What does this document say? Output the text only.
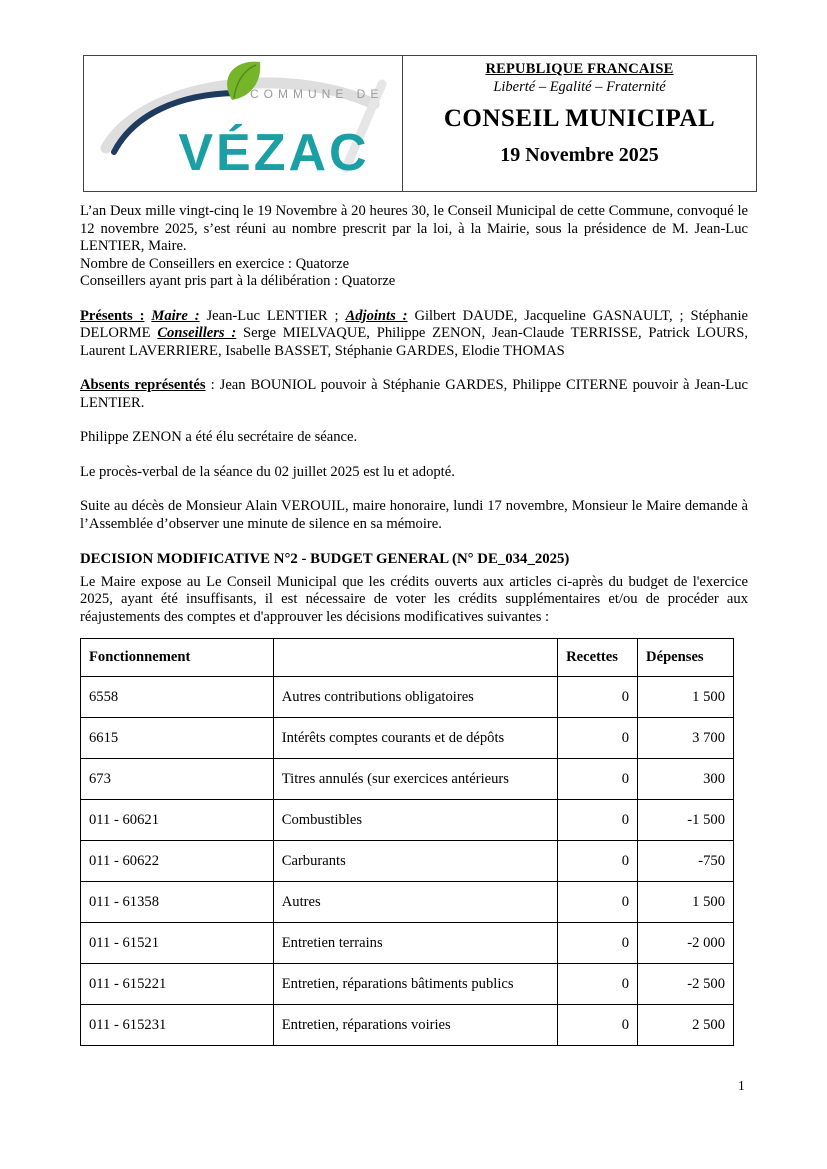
COMMUNE DE
VÉZAC
REPUBLIQUE FRANCAISE
Liberté – Egalité – Fraternité
CONSEIL MUNICIPAL
19 Novembre 2025

L’an Deux mille vingt-cinq le 19 Novembre à 20 heures 30, le Conseil Municipal de cette Commune, convoqué le 12 novembre 2025, s’est réuni au nombre prescrit par la loi, à la Mairie, sous la présidence de M. Jean-Luc LENTIER, Maire.

Nombre de Conseillers en exercice : Quatorze
Conseillers ayant pris part à la délibération : Quatorze

Présents : Maire : Jean-Luc LENTIER ; Adjoints : Gilbert DAUDE, Jacqueline GASNAULT, ; Stéphanie DELORME Conseillers : Serge MIELVAQUE, Philippe ZENON, Jean-Claude TERRISSE, Patrick LOURS, Laurent LAVERRIERE, Isabelle BASSET, Stéphanie GARDES, Elodie THOMAS

Absents représentés : Jean BOUNIOL pouvoir à Stéphanie GARDES, Philippe CITERNE pouvoir à Jean-Luc LENTIER.

Philippe ZENON a été élu secrétaire de séance.

Le procès-verbal de la séance du 02 juillet 2025 est lu et adopté.

Suite au décès de Monsieur Alain VEROUIL, maire honoraire, lundi 17 novembre, Monsieur le Maire demande à l’Assemblée d’observer une minute de silence en sa mémoire.

DECISION MODIFICATIVE N°2 - BUDGET GENERAL (N° DE_034_2025)

Le Maire expose au Le Conseil Municipal que les crédits ouverts aux articles ci-après du budget de l'exercice 2025, ayant été insuffisants, il est nécessaire de voter les crédits supplémentaires et/ou de procéder aux réajustements des comptes et d'approuver les décisions modificatives suivantes :

Fonctionnement		Recettes	Dépenses
6558	Autres contributions obligatoires	0	1 500
6615	Intérêts comptes courants et de dépôts	0	3 700
673	Titres annulés (sur exercices antérieurs	0	300
011 - 60621	Combustibles	0	-1 500
011 - 60622	Carburants	0	-750
011 - 61358	Autres	0	1 500
011 - 61521	Entretien terrains	0	-2 000
011 - 615221	Entretien, réparations bâtiments publics	0	-2 500
011 - 615231	Entretien, réparations voiries	0	2 500
1
